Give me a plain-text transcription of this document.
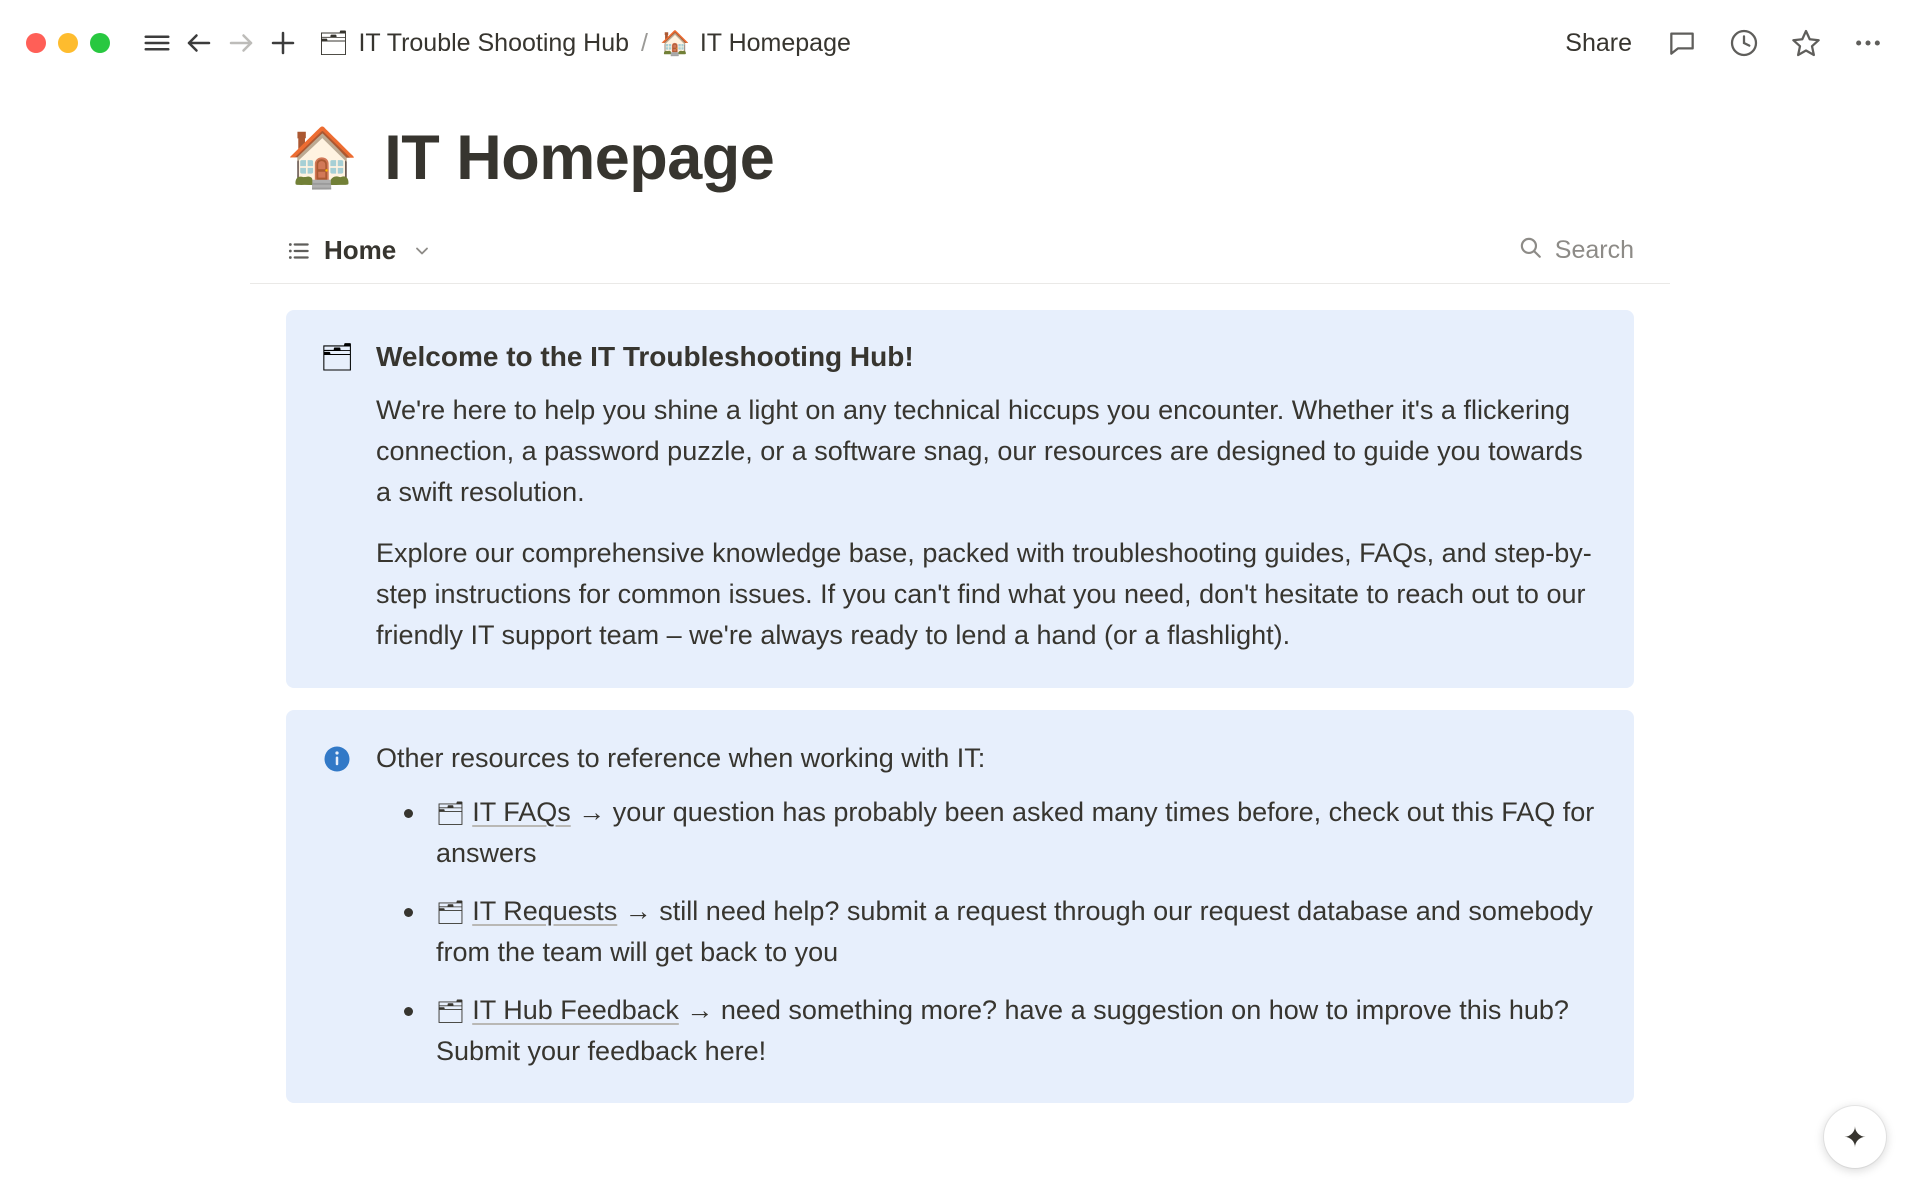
🗂 IT Trouble Shooting Hub / 🏠 IT Homepage	Share
🏠 IT Homepage
Home	Search
🗂 Welcome to the IT Troubleshooting Hub!

We're here to help you shine a light on any technical hiccups you encounter. Whether it's a flickering connection, a password puzzle, or a software snag, our resources are designed to guide you towards a swift resolution.

Explore our comprehensive knowledge base, packed with troubleshooting guides, FAQs, and step-by-step instructions for common issues. If you can't find what you need, don't hesitate to reach out to our friendly IT support team – we're always ready to lend a hand (or a flashlight).

Other resources to reference when working with IT:
🗂 IT FAQs → your question has probably been asked many times before, check out this FAQ for answers
🗂 IT Requests → still need help? submit a request through our request database and somebody from the team will get back to you
🗂 IT Hub Feedback → need something more? have a suggestion on how to improve this hub? Submit your feedback here!
✦
